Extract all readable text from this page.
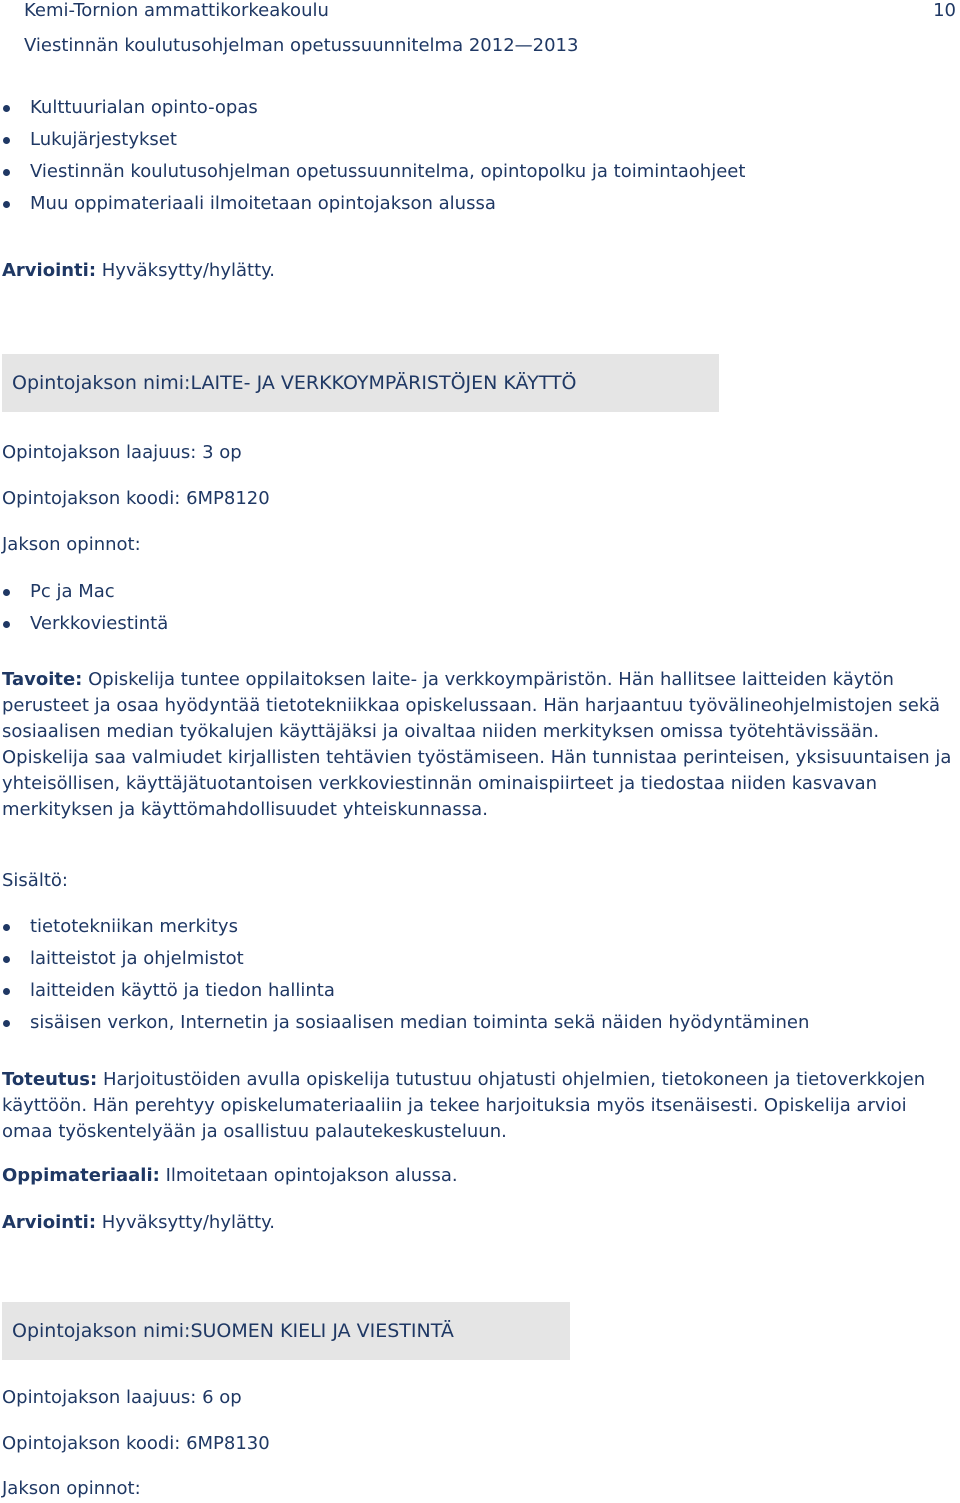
Kemi-Tornion ammattikorkeakoulu	10
Viestinnän koulutusohjelman opetussuunnitelma 2012—2013
Kulttuurialan opinto-opas
Lukujärjestykset
Viestinnän koulutusohjelman opetussuunnitelma, opintopolku ja toimintaohjeet
Muu oppimateriaali ilmoitetaan opintojakson alussa
Arviointi: Hyväksytty/hylätty.
Opintojakson nimi: LAITE- JA VERKKOYMPÄRISTÖJEN KÄYTTÖ
Opintojakson laajuus: 3 op
Opintojakson koodi: 6MP8120
Jakson opinnot:
Pc ja Mac
Verkkoviestintä
Tavoite: Opiskelija tuntee oppilaitoksen laite- ja verkkoympäristön. Hän hallitsee laitteiden käytön perusteet ja osaa hyödyntää tietotekniikkaa opiskelussaan. Hän harjaantuu työvälineohjelmistojen sekä sosiaalisen median työkalujen käyttäjäksi ja oivaltaa niiden merkityksen omissa työtehtävissään. Opiskelija saa valmiudet kirjallisten tehtävien työstämiseen. Hän tunnistaa perinteisen, yksisuuntaisen ja yhteisöllisen, käyttäjätuotantoisen verkkoviestinnän ominaispiirteet ja tiedostaa niiden kasvavan merkityksen ja käyttömahdollisuudet yhteiskunnassa.
Sisältö:
tietotekniikan merkitys
laitteistot ja ohjelmistot
laitteiden käyttö ja tiedon hallinta
sisäisen verkon, Internetin ja sosiaalisen median toiminta sekä näiden hyödyntäminen
Toteutus: Harjoitustöiden avulla opiskelija tutustuu ohjatusti ohjelmien, tietokoneen ja tietoverkkojen käyttöön. Hän perehtyy opiskelumateriaaliin ja tekee harjoituksia myös itsenäisesti. Opiskelija arvioi omaa työskentelyään ja osallistuu palautekeskusteluun.
Oppimateriaali: Ilmoitetaan opintojakson alussa.
Arviointi: Hyväksytty/hylätty.
Opintojakson nimi: SUOMEN KIELI JA VIESTINTÄ
Opintojakson laajuus: 6 op
Opintojakson koodi: 6MP8130
Jakson opinnot:
